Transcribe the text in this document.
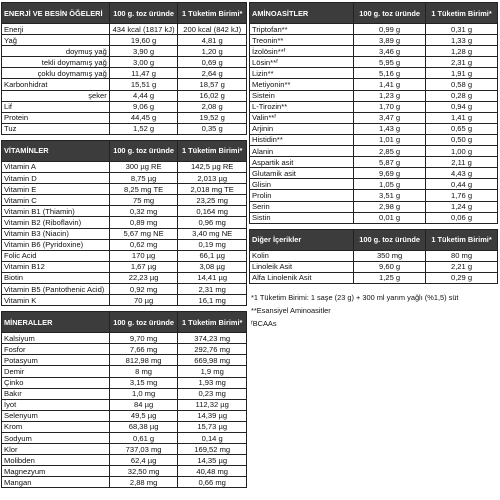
ENERJİ VE BESİN ÖĞELERİ	100 g. toz üründe	1 Tüketim Birimi*
Enerji	434 kcal (1817 kJ)	200 kcal (842 kJ)
Yağ	19,60 g	4,81 g
doymuş yağ	3,90 g	1,20 g
tekli doymamış yağ	3,00 g	0,69 g
çoklu doymamış yağ	11,47 g	2,64 g
Karbonhidrat	15,51 g	18,57 g
şeker	4,44 g	16,02 g
Lif	9,06 g	2,08 g
Protein	44,45 g	19,52 g
Tuz	1,52 g	0,35 g
VİTAMİNLER	100 g. toz üründe	1 Tüketim Birimi*
Vitamin A	300 µg RE	142,5 µg RE
Vitamin D	8,75 µg	2,013 µg
Vitamin E	8,25 mg TE	2,018 mg TE
Vitamin C	75 mg	23,25 mg
Vitamin B1 (Thiamin)	0,32 mg	0,164 mg
Vitamin B2 (Riboflavin)	0,89 mg	0,96 mg
Vitamin B3 (Niacin)	5,67 mg NE	3,40 mg NE
Vitamin B6 (Pyridoxine)	0,62 mg	0,19 mg
Folic Acid	170 µg	66,1 µg
Vitamin B12	1,67 µg	3,08 µg
Biotin	22,23 µg	14,41 µg
Vitamin B5 (Pantothenic Acid)	0,92 mg	2,31 mg
Vitamin K	70 µg	16,1 mg
MİNERALLER	100 g. toz üründe	1 Tüketim Birimi*
Kalsiyum	9,70 mg	374,23 mg
Fosfor	7,66 mg	292,76 mg
Potasyum	812,98 mg	669,98 mg
Demir	8 mg	1,9 mg
Çinko	3,15 mg	1,93 mg
Bakır	1,0 mg	0,23 mg
İyot	84 µg	112,32 µg
Selenyum	49,5 µg	14,39 µg
Krom	68,38 µg	15,73 µg
Sodyum	0,61 g	0,14 g
Klor	737,03 mg	169,52 mg
Molibden	62,4 µg	14,35 µg
Magnezyum	32,50 mg	40,48 mg
Mangan	2,88 mg	0,66 mg
AMİNOASİTLER	100 g. toz üründe	1 Tüketim Birimi*
Triptofan**	0,99 g	0,31 g
Treonin**	3,89 g	1,33 g
İzolösin**ᶠ	3,46 g	1,28 g
Lösin**ᶠ	5,95 g	2,31 g
Lizin**	5,16 g	1,91 g
Metiyonin**	1,41 g	0,58 g
Sistein	1,23 g	0,28 g
L-Tirozin**	1,70 g	0,94 g
Valin**ᶠ	3,47 g	1,41 g
Arjinin	1,43 g	0,65 g
Histidin**	1,01 g	0,50 g
Alanin	2,85 g	1,00 g
Aspartik asit	5,87 g	2,11 g
Glutamik asit	9,69 g	4,43 g
Glisin	1,05 g	0,44 g
Prolin	3,51 g	1,76 g
Serin	2,98 g	1,24 g
Sistin	0,01 g	0,06 g
Diğer İçerikler	100 g. toz üründe	1 Tüketim Birimi*
Kolin	350 mg	80 mg
Linoleik Asit	9,60 g	2,21 g
Alfa Linolenik Asit	1,25 g	0,29 g

*1 Tüketim Birimi: 1 saşe (23 g) + 300 ml yarım yağlı (%1,5) süt

**Esansiyel Aminoasitler

ᶠBCAAs
